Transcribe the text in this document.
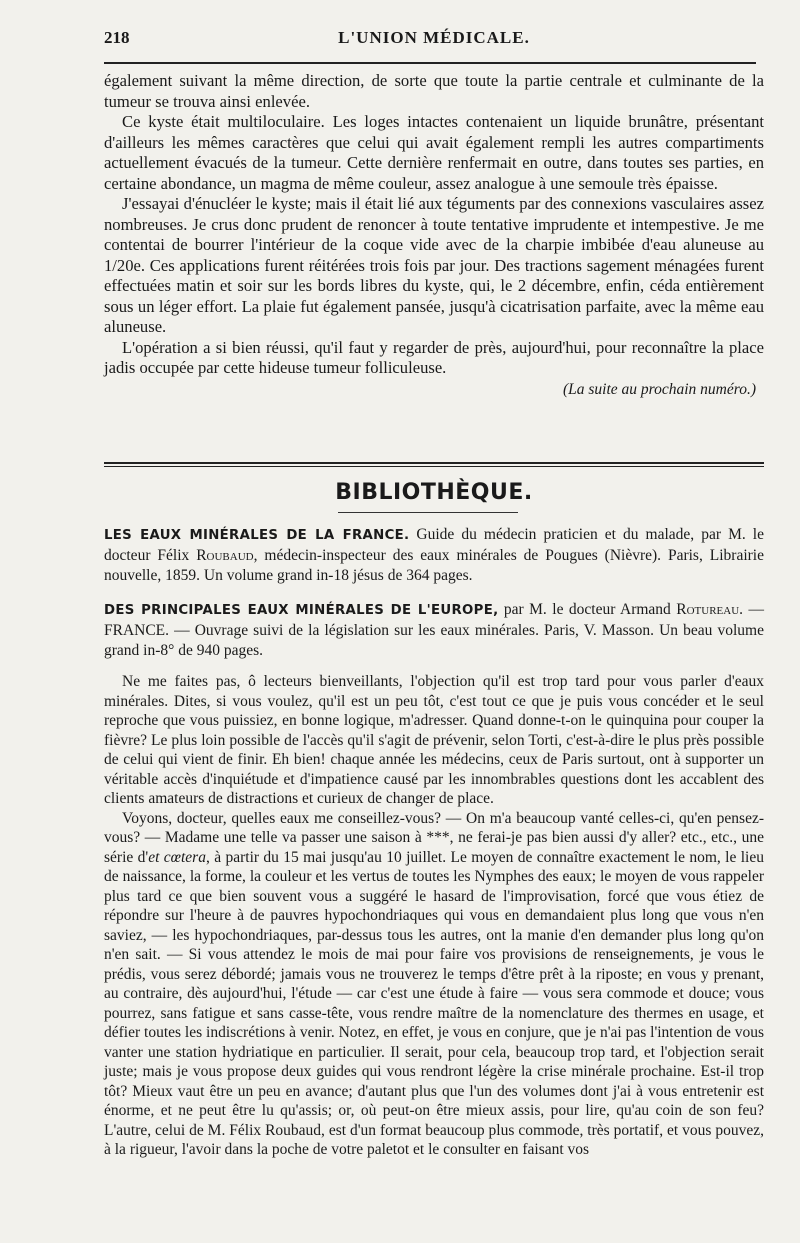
218	L'UNION MÉDICALE.

également suivant la même direction, de sorte que toute la partie centrale et culminante de la tumeur se trouva ainsi enlevée.

Ce kyste était multiloculaire. Les loges intactes contenaient un liquide brunâtre, présentant d'ailleurs les mêmes caractères que celui qui avait également rempli les autres compartiments actuellement évacués de la tumeur. Cette dernière renfermait en outre, dans toutes ses parties, en certaine abondance, un magma de même couleur, assez analogue à une semoule très épaisse.

J'essayai d'énucléer le kyste; mais il était lié aux téguments par des connexions vasculaires assez nombreuses. Je crus donc prudent de renoncer à toute tentative imprudente et intempestive. Je me contentai de bourrer l'intérieur de la coque vide avec de la charpie imbibée d'eau aluneuse au 1/20e. Ces applications furent réitérées trois fois par jour. Des tractions sagement ménagées furent effectuées matin et soir sur les bords libres du kyste, qui, le 2 décembre, enfin, céda entièrement sous un léger effort. La plaie fut également pansée, jusqu'à cicatrisation parfaite, avec la même eau aluneuse.

L'opération a si bien réussi, qu'il faut y regarder de près, aujourd'hui, pour reconnaître la place jadis occupée par cette hideuse tumeur folliculeuse.

(La suite au prochain numéro.)

BIBLIOTHÈQUE.
LES EAUX MINÉRALES DE LA FRANCE. Guide du médecin praticien et du malade, par M. le docteur Félix Roubaud, médecin-inspecteur des eaux minérales de Pougues (Nièvre). Paris, Librairie nouvelle, 1859. Un volume grand in-18 jésus de 364 pages.
DES PRINCIPALES EAUX MINÉRALES DE L'EUROPE, par M. le docteur Armand Rotureau. — FRANCE. — Ouvrage suivi de la législation sur les eaux minérales. Paris, V. Masson. Un beau volume grand in-8° de 940 pages.

Ne me faites pas, ô lecteurs bienveillants, l'objection qu'il est trop tard pour vous parler d'eaux minérales. Dites, si vous voulez, qu'il est un peu tôt, c'est tout ce que je puis vous concéder et le seul reproche que vous puissiez, en bonne logique, m'adresser. Quand donne-t-on le quinquina pour couper la fièvre? Le plus loin possible de l'accès qu'il s'agit de prévenir, selon Torti, c'est-à-dire le plus près possible de celui qui vient de finir. Eh bien! chaque année les médecins, ceux de Paris surtout, ont à supporter un véritable accès d'inquiétude et d'impatience causé par les innombrables questions dont les accablent des clients amateurs de distractions et curieux de changer de place.

Voyons, docteur, quelles eaux me conseillez-vous? — On m'a beaucoup vanté celles-ci, qu'en pensez-vous? — Madame une telle va passer une saison à ***, ne ferai-je pas bien aussi d'y aller? etc., etc., une série d'et cœtera, à partir du 15 mai jusqu'au 10 juillet. Le moyen de connaître exactement le nom, le lieu de naissance, la forme, la couleur et les vertus de toutes les Nymphes des eaux; le moyen de vous rappeler plus tard ce que bien souvent vous a suggéré le hasard de l'improvisation, forcé que vous étiez de répondre sur l'heure à de pauvres hypochondriaques qui vous en demandaient plus long que vous n'en saviez, — les hypochondriaques, par-dessus tous les autres, ont la manie d'en demander plus long qu'on n'en sait. — Si vous attendez le mois de mai pour faire vos provisions de renseignements, je vous le prédis, vous serez débordé; jamais vous ne trouverez le temps d'être prêt à la riposte; en vous y prenant, au contraire, dès aujourd'hui, l'étude — car c'est une étude à faire — vous sera commode et douce; vous pourrez, sans fatigue et sans casse-tête, vous rendre maître de la nomenclature des thermes en usage, et défier toutes les indiscrétions à venir. Notez, en effet, je vous en conjure, que je n'ai pas l'intention de vous vanter une station hydriatique en particulier. Il serait, pour cela, beaucoup trop tard, et l'objection serait juste; mais je vous propose deux guides qui vous rendront légère la crise minérale prochaine. Est-il trop tôt? Mieux vaut être un peu en avance; d'autant plus que l'un des volumes dont j'ai à vous entretenir est énorme, et ne peut être lu qu'assis; or, où peut-on être mieux assis, pour lire, qu'au coin de son feu? L'autre, celui de M. Félix Roubaud, est d'un format beaucoup plus commode, très portatif, et vous pouvez, à la rigueur, l'avoir dans la poche de votre paletot et le consulter en faisant vos
